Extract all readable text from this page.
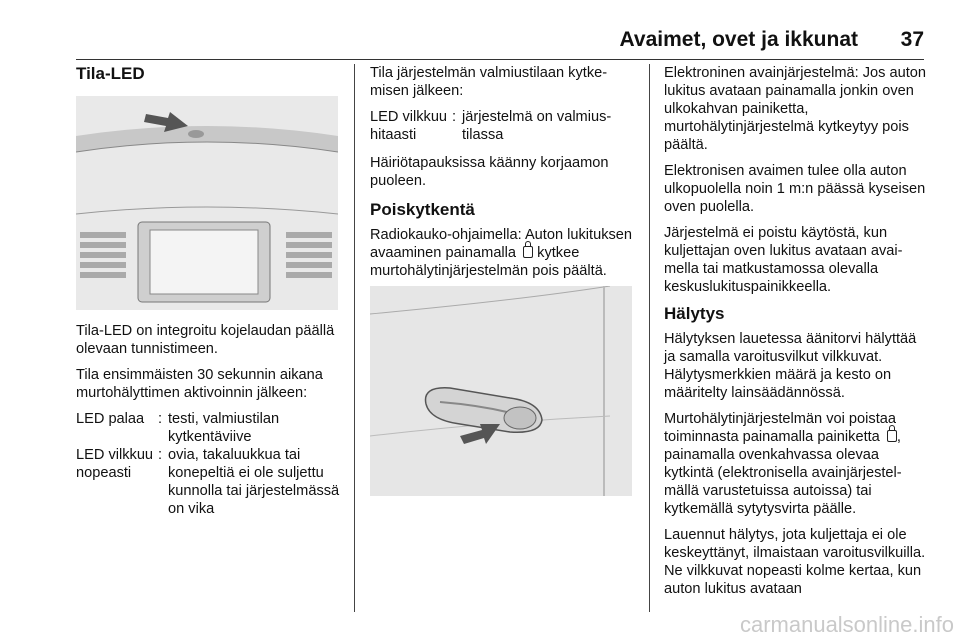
Avaimet, ovet ja ikkunat 37
Tila-LED

Tila-LED on integroitu kojelaudan päällä olevaan tunnistimeen.

Tila ensimmäisten 30 sekunnin aikana murtohälyttimen aktivoinnin jälkeen:

LED palaa : testi, valmiustilan kytkentäviive
LED vilkkuu nopeasti
: ovia, takaluukkua tai konepeltiä ei ole suljettu kunnolla tai järjestelmässä on vika

Tila järjestelmän valmiustilaan kytkemisen jälkeen:

LED vilkkuu hitaasti
: järjestelmä on valmiustilassa

Häiriötapauksissa käänny korjaamon puoleen.

Poiskytkentä

Radiokauko-ohjaimella: Auton lukituksen avaaminen painamalla kytkee murtohälytinjärjestelmän pois päältä.

Elektroninen avainjärjestelmä: Jos auton lukitus avataan painamalla jonkin oven ulkokahvan painiketta, murtohälytinjärjestelmä kytkeytyy pois päältä.

Elektronisen avaimen tulee olla auton ulkopuolella noin 1 m:n päässä kyseisen oven puolella.

Järjestelmä ei poistu käytöstä, kun kuljettajan oven lukitus avataan avaimella tai matkustamossa olevalla keskuslukituspainikkeella.

Hälytys

Hälytyksen lauetessa äänitorvi hälyttää ja samalla varoitusvilkut vilkkuvat. Hälytysmerkkien määrä ja kesto on määritelty lainsäädännössä.

Murtohälytinjärjestelmän voi poistaa toiminnasta painamalla painiketta , painamalla ovenkahvassa olevaa kytkintä (elektronisella avainjärjestelmällä varustetuissa autoissa) tai kytkemällä sytytysvirta päälle.

Lauennut hälytys, jota kuljettaja ei ole keskeyttänyt, ilmaistaan varoitusvilkuilla. Ne vilkkuvat nopeasti kolme kertaa, kun auton lukitus avataan

carmanualsonline.info
